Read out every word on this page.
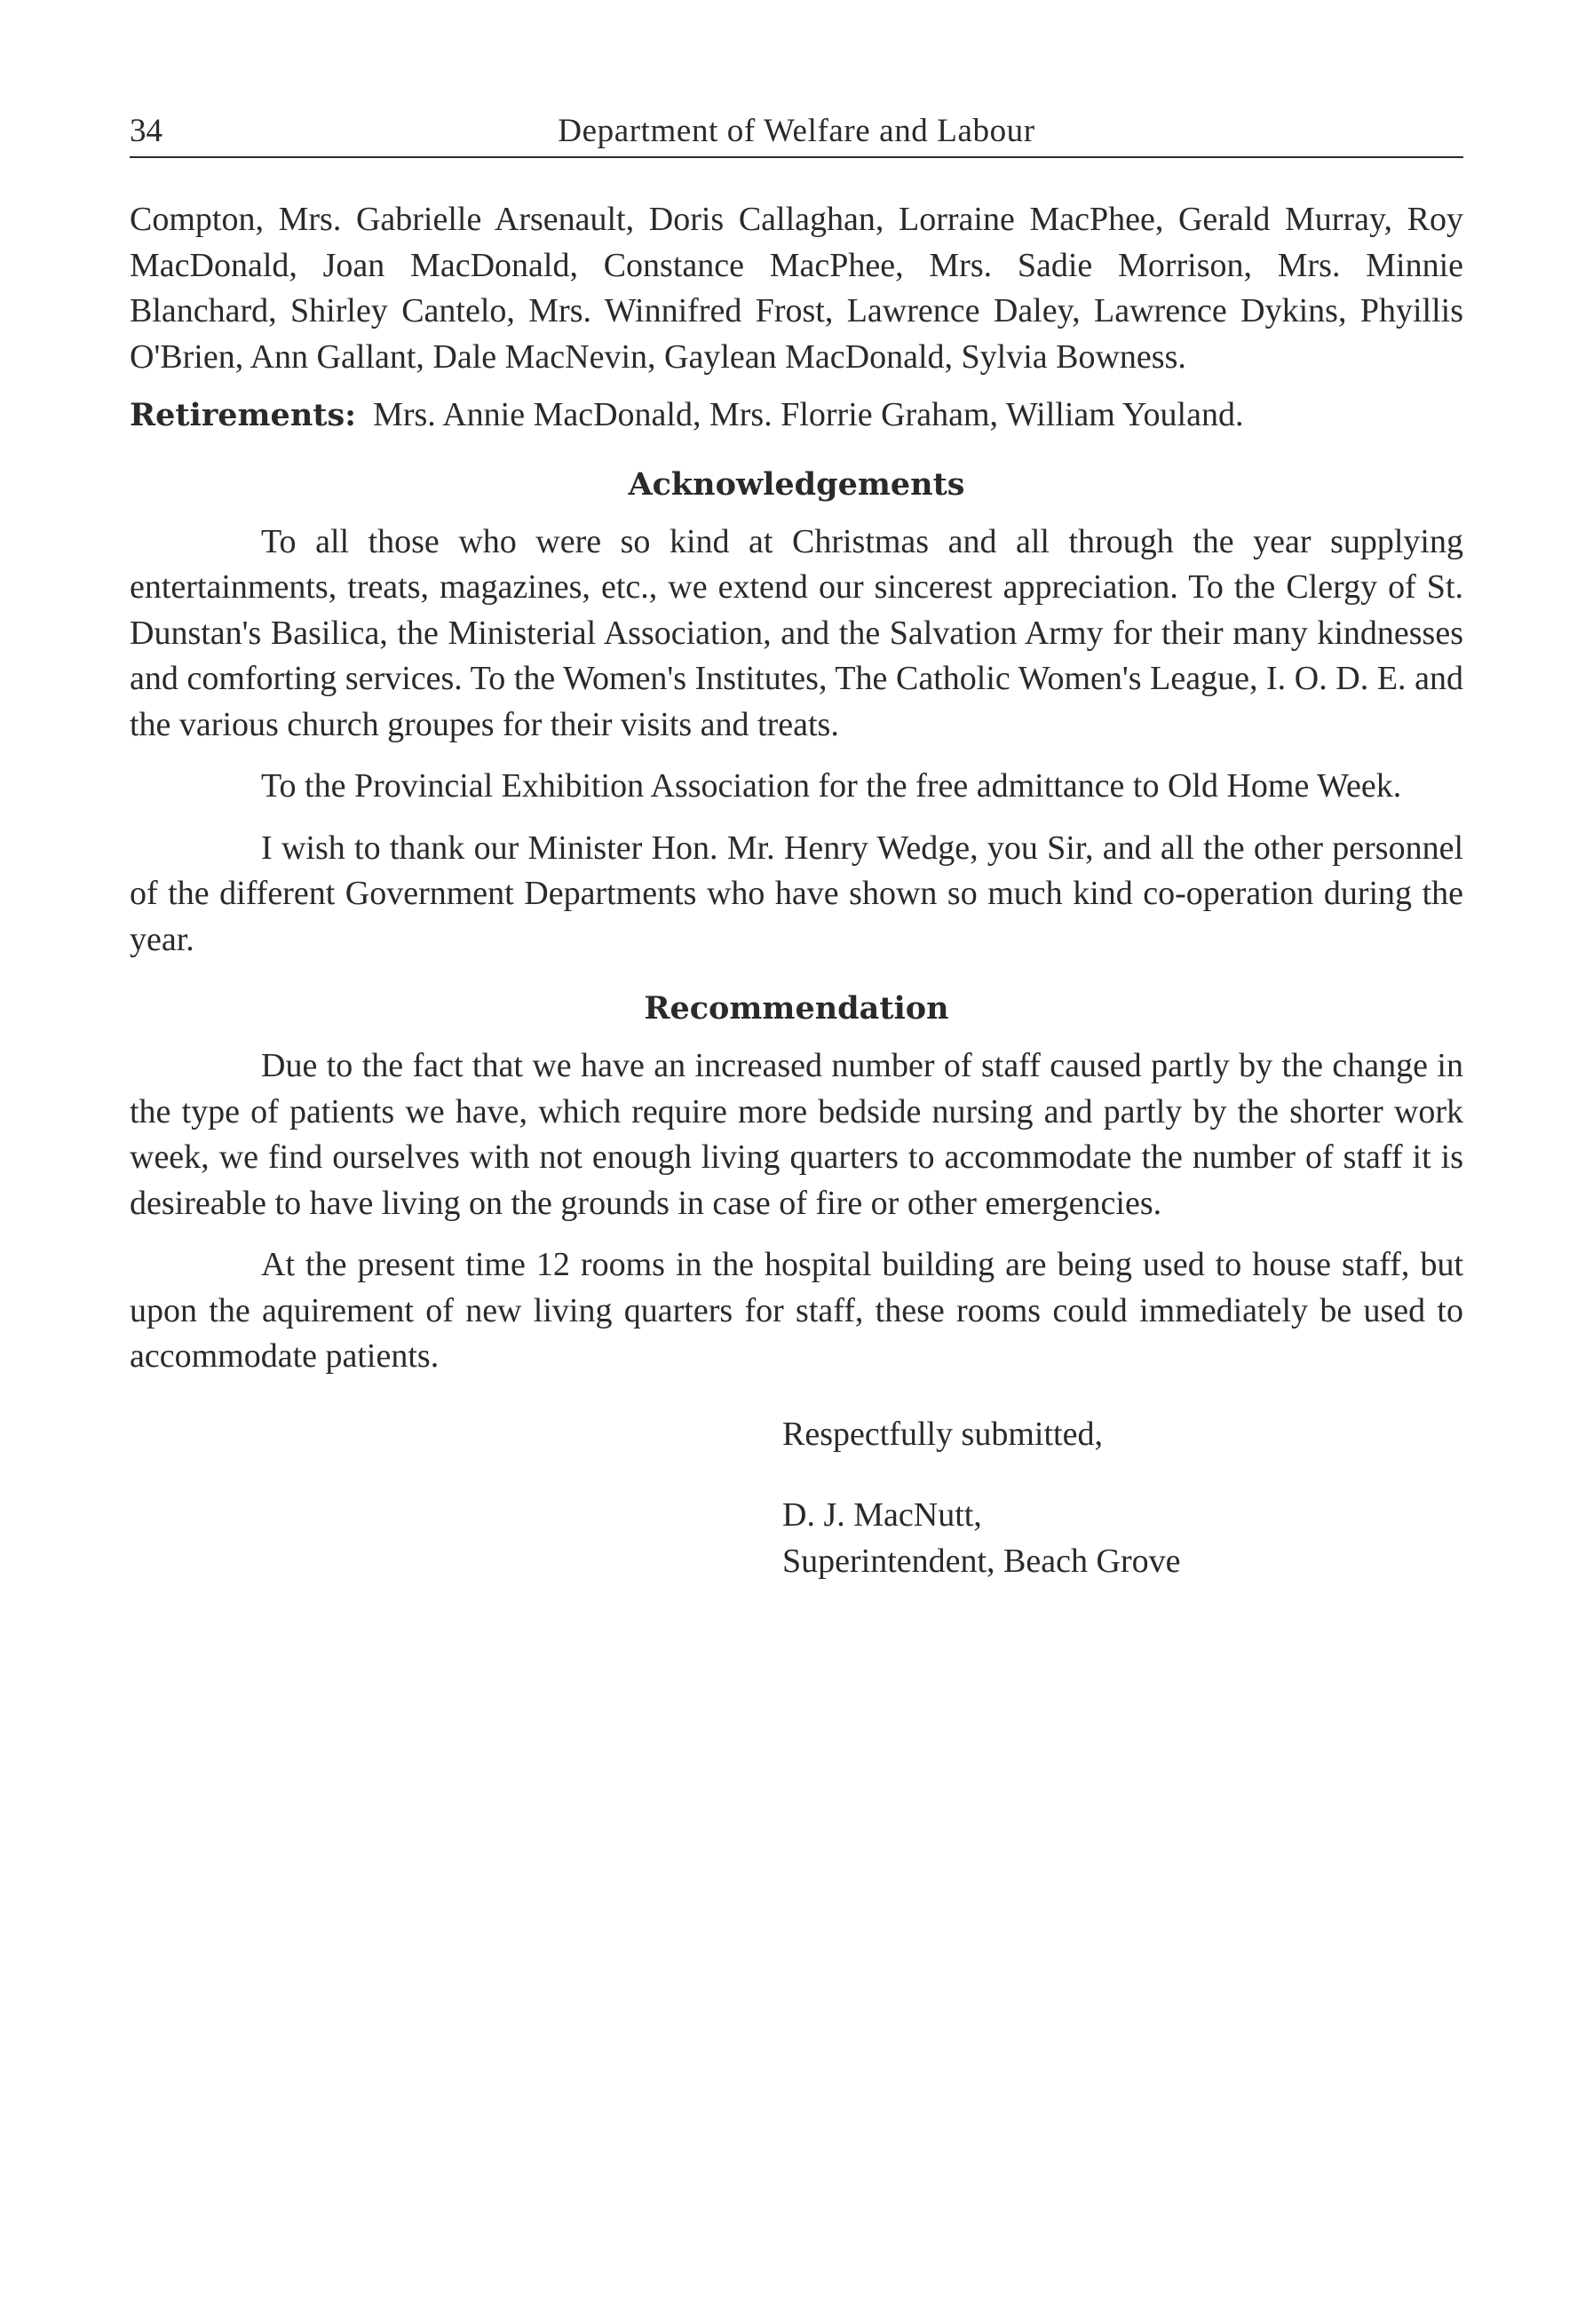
34	Department of Welfare and Labour

Compton, Mrs. Gabrielle Arsenault, Doris Callaghan, Lorraine MacPhee, Gerald Murray, Roy MacDonald, Joan MacDonald, Constance MacPhee, Mrs. Sadie Morrison, Mrs. Minnie Blanchard, Shirley Cantelo, Mrs. Winnifred Frost, Lawrence Daley, Lawrence Dykins, Phyillis O'Brien, Ann Gallant, Dale MacNevin, Gaylean MacDonald, Sylvia Bowness.

Retirements: Mrs. Annie MacDonald, Mrs. Florrie Graham, William Youland.

Acknowledgements

To all those who were so kind at Christmas and all through the year supplying entertainments, treats, magazines, etc., we extend our sincerest appreciation. To the Clergy of St. Dunstan's Basilica, the Ministerial Association, and the Salvation Army for their many kindnesses and comforting services. To the Women's Institutes, The Catholic Women's League, I. O. D. E. and the various church groupes for their visits and treats.

To the Provincial Exhibition Association for the free admittance to Old Home Week.

I wish to thank our Minister Hon. Mr. Henry Wedge, you Sir, and all the other personnel of the different Government Departments who have shown so much kind co-operation during the year.

Recommendation

Due to the fact that we have an increased number of staff caused partly by the change in the type of patients we have, which require more bedside nursing and partly by the shorter work week, we find ourselves with not enough living quarters to accommodate the number of staff it is desireable to have living on the grounds in case of fire or other emergencies.

At the present time 12 rooms in the hospital building are being used to house staff, but upon the aquirement of new living quarters for staff, these rooms could immediately be used to accommodate patients.

Respectfully submitted,

D. J. MacNutt,

Superintendent, Beach Grove
